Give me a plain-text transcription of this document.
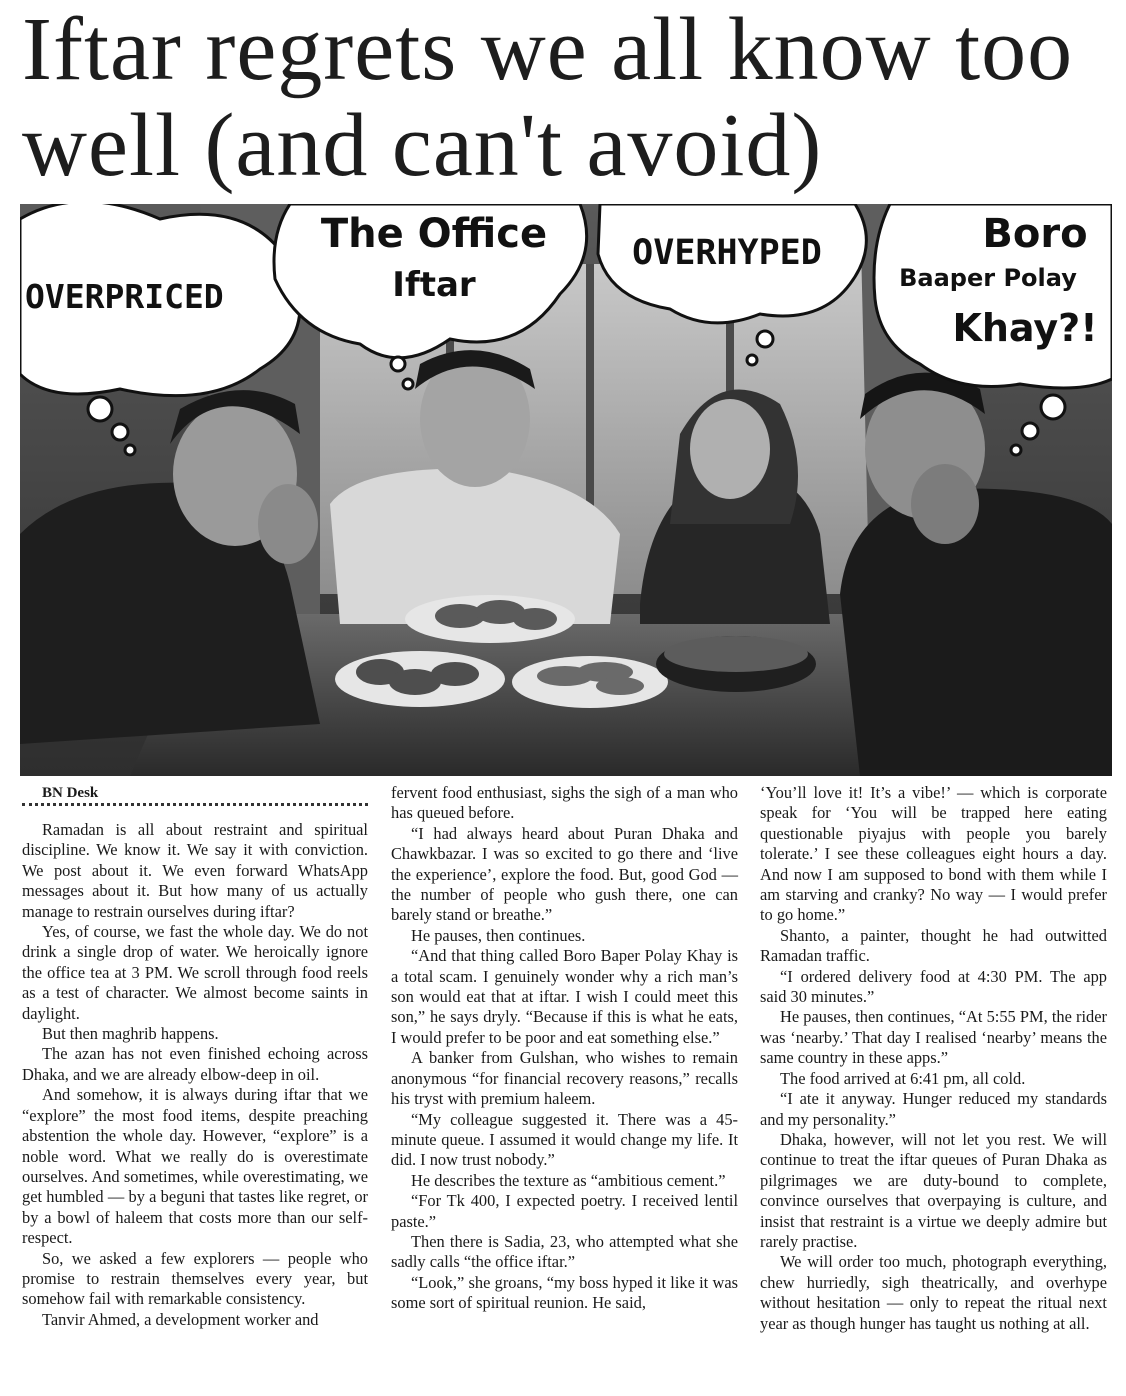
Iftar regrets we all know too well (and can't avoid)
OVERPRICED
The Office
Iftar
OVERHYPED	Boro
Baaper Polay
Khay?!

BN Desk

Ramadan is all about restraint and spiritual discipline. We know it. We say it with conviction. We post about it. We even forward WhatsApp messages about it. But how many of us actually manage to restrain ourselves during iftar?

Yes, of course, we fast the whole day. We do not drink a single drop of water. We heroically ignore the office tea at 3 PM. We scroll through food reels as a test of character. We almost become saints in daylight.

But then maghrib happens.

The azan has not even finished echoing across Dhaka, and we are already elbow-deep in oil.

And somehow, it is always during iftar that we “explore” the most food items, despite preaching abstention the whole day. However, “explore” is a noble word. What we really do is overestimate ourselves. And sometimes, while overestimating, we get humbled — by a beguni that tastes like regret, or by a bowl of haleem that costs more than our self-respect.

So, we asked a few explorers — people who promise to restrain themselves every year, but somehow fail with remarkable consistency.

Tanvir Ahmed, a development worker and

fervent food enthusiast, sighs the sigh of a man who has queued before.

“I had always heard about Puran Dhaka and Chawkbazar. I was so excited to go there and ‘live the experience’, explore the food. But, good God — the number of people who gush there, one can barely stand or breathe.”

He pauses, then continues.

“And that thing called Boro Baper Polay Khay is a total scam. I genuinely wonder why a rich man’s son would eat that at iftar. I wish I could meet this son,” he says dryly. “Because if this is what he eats, I would prefer to be poor and eat something else.”

A banker from Gulshan, who wishes to remain anonymous “for financial recovery reasons,” recalls his tryst with premium haleem.

“My colleague suggested it. There was a 45-minute queue. I assumed it would change my life. It did. I now trust nobody.”

He describes the texture as “ambitious cement.”

“For Tk 400, I expected poetry. I received lentil paste.”

Then there is Sadia, 23, who attempted what she sadly calls “the office iftar.”

“Look,” she groans, “my boss hyped it like it was some sort of spiritual reunion. He said,

‘You’ll love it! It’s a vibe!’ — which is corporate speak for ‘You will be trapped here eating questionable piyajus with people you barely tolerate.’ I see these colleagues eight hours a day. And now I am supposed to bond with them while I am starving and cranky? No way — I would prefer to go home.”

Shanto, a painter, thought he had outwitted Ramadan traffic.

“I ordered delivery food at 4:30 PM. The app said 30 minutes.”

He pauses, then continues, “At 5:55 PM, the rider was ‘nearby.’ That day I realised ‘nearby’ means the same country in these apps.”

The food arrived at 6:41 pm, all cold.

“I ate it anyway. Hunger reduced my standards and my personality.”

Dhaka, however, will not let you rest. We will continue to treat the iftar queues of Puran Dhaka as pilgrimages we are duty-bound to complete, convince ourselves that overpaying is culture, and insist that restraint is a virtue we deeply admire but rarely practise.

We will order too much, photograph everything, chew hurriedly, sigh theatrically, and overhype without hesitation — only to repeat the ritual next year as though hunger has taught us nothing at all.
